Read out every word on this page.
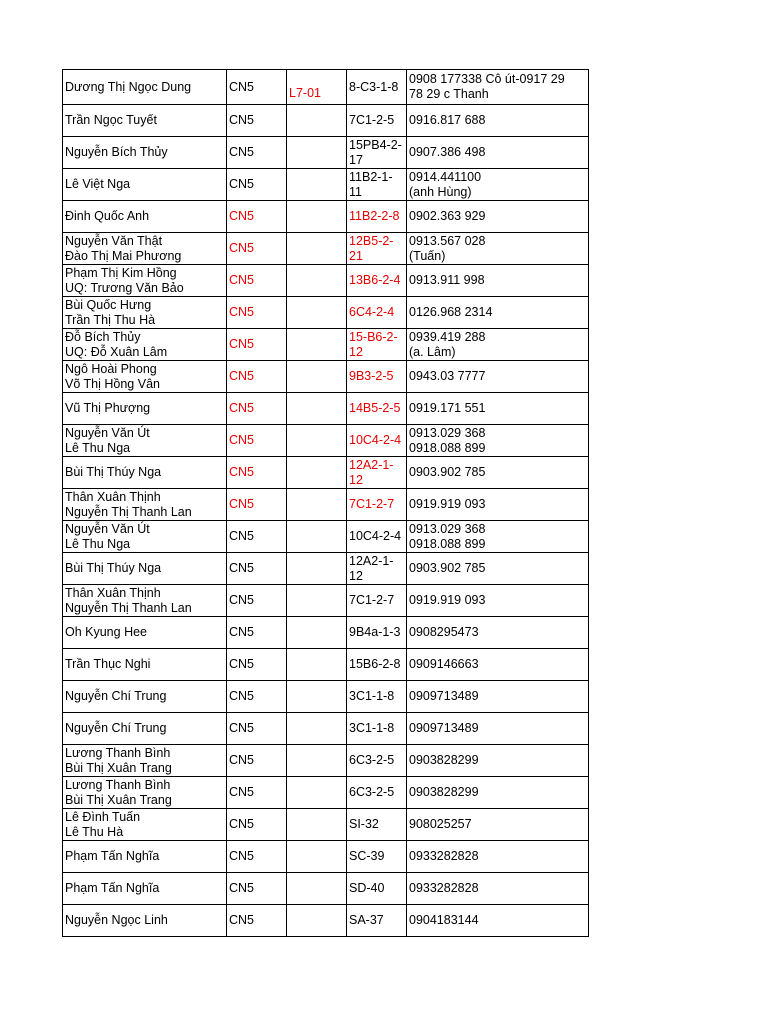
Dương Thị Ngọc Dung	CN5	L7-01	8-C3-1-8	0908 177338 Cô út-0917 29
78 29 c Thanh
Trần Ngọc Tuyết	CN5		7C1-2-5	0916.817 688
Nguyễn Bích Thủy	CN5		15PB4-2-
17	0907.386 498
Lê Việt Nga	CN5		11B2-1-
11	0914.441100
(anh Hùng)
Đinh Quốc Anh	CN5		11B2-2-8	0902.363 929
Nguyễn Văn Thật
Đào Thị Mai Phương	CN5		12B5-2-
21	0913.567 028
(Tuấn)
Phạm Thị Kim Hồng
UQ: Trương Văn Bảo	CN5		13B6-2-4	0913.911 998
Bùi Quốc Hưng
Trần Thị Thu Hà	CN5		6C4-2-4	0126.968 2314
Đỗ Bích Thủy
UQ: Đỗ Xuân Lâm	CN5		15-B6-2-
12	0939.419 288
(a. Lâm)
Ngô Hoài Phong
Võ Thị Hồng Vân	CN5		9B3-2-5	0943.03 7777
Vũ Thị Phượng	CN5		14B5-2-5	0919.171 551
Nguyễn Văn Út
Lê Thu Nga	CN5		10C4-2-4	0913.029 368
0918.088 899
Bùi Thị Thúy Nga	CN5		12A2-1-
12	0903.902 785
Thân Xuân Thịnh
Nguyễn Thị Thanh Lan	CN5		7C1-2-7	0919.919 093
Nguyễn Văn Út
Lê Thu Nga	CN5		10C4-2-4	0913.029 368
0918.088 899
Bùi Thị Thúy Nga	CN5		12A2-1-
12	0903.902 785
Thân Xuân Thịnh
Nguyễn Thị Thanh Lan	CN5		7C1-2-7	0919.919 093
Oh Kyung Hee	CN5		9B4a-1-3	0908295473
Trần Thục Nghi	CN5		15B6-2-8	0909146663
Nguyễn Chí Trung	CN5		3C1-1-8	0909713489
Nguyễn Chí Trung	CN5		3C1-1-8	0909713489
Lương Thanh Bình
Bùi Thị Xuân Trang	CN5		6C3-2-5	0903828299
Lương Thanh Bình
Bùi Thị Xuân Trang	CN5		6C3-2-5	0903828299
Lê Đình Tuấn
Lê Thu Hà	CN5		SI-32	908025257
Phạm Tấn Nghĩa	CN5		SC-39	0933282828
Phạm Tấn Nghĩa	CN5		SD-40	0933282828
Nguyễn Ngọc Linh	CN5		SA-37	0904183144
